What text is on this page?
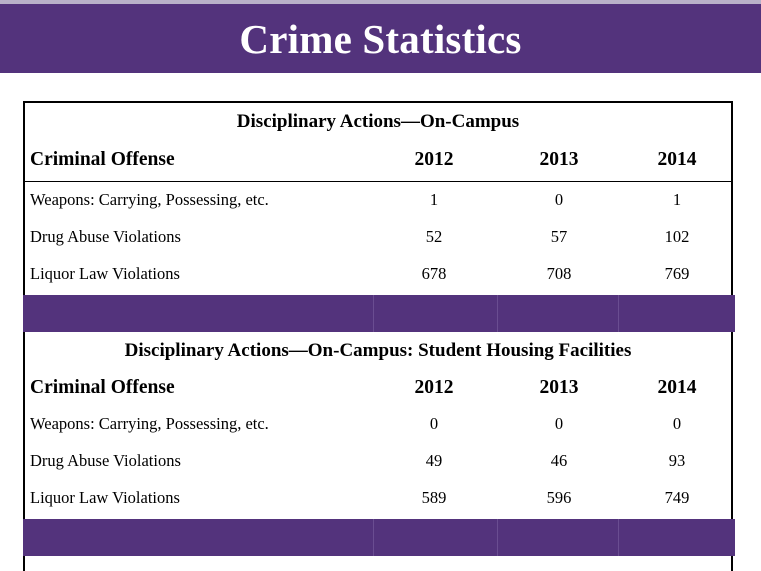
Crime Statistics
Disciplinary Actions—On-Campus
Criminal Offense	2012	2013	2014
Weapons: Carrying, Possessing, etc.	1	0	1
Drug Abuse Violations	52	57	102
Liquor Law Violations	678	708	769
Disciplinary Actions—On-Campus: Student Housing Facilities
Criminal Offense	2012	2013	2014
Weapons: Carrying, Possessing, etc.	0	0	0
Drug Abuse Violations	49	46	93
Liquor Law Violations	589	596	749
